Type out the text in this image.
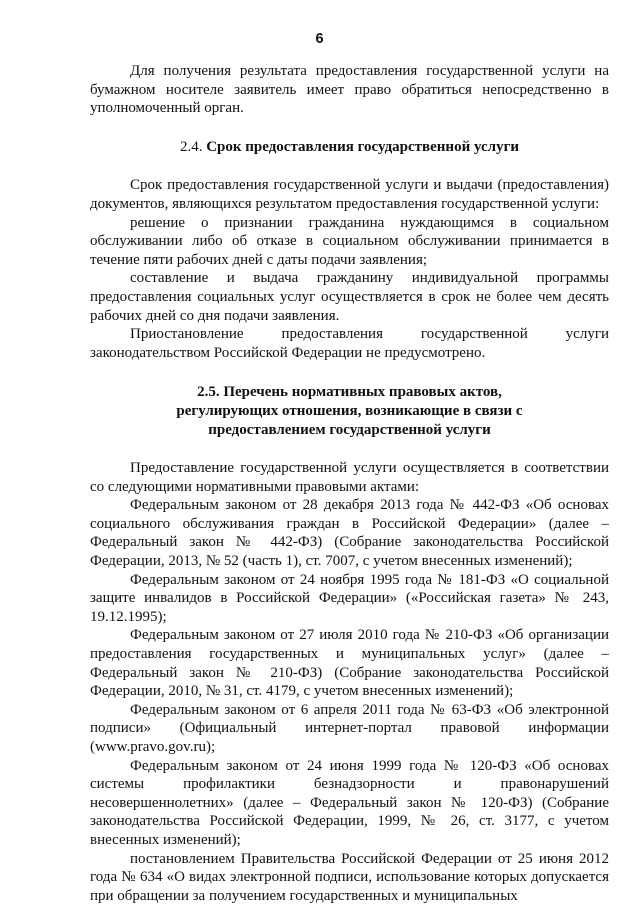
6

Для получения результата предоставления государственной услуги на бумажном носителе заявитель имеет право обратиться непосредственно в уполномоченный орган.

2.4. Срок предоставления государственной услуги

Срок предоставления государственной услуги и выдачи (предоставления) документов, являющихся результатом предоставления государственной услуги:

решение о признании гражданина нуждающимся в социальном обслуживании либо об отказе в социальном обслуживании принимается в течение пяти рабочих дней с даты подачи заявления;

составление и выдача гражданину индивидуальной программы предоставления социальных услуг осуществляется в срок не более чем десять рабочих дней со дня подачи заявления.

Приостановление предоставления государственной услуги законодательством Российской Федерации не предусмотрено.

2.5. Перечень нормативных правовых актов,

регулирующих отношения, возникающие в связи с

предоставлением государственной услуги

Предоставление государственной услуги осуществляется в соответствии со следующими нормативными правовыми актами:

Федеральным законом от 28 декабря 2013 года № 442-ФЗ «Об основах социального обслуживания граждан в Российской Федерации» (далее – Федеральный закон № 442-ФЗ) (Собрание законодательства Российской Федерации, 2013, № 52 (часть 1), ст. 7007, с учетом внесенных изменений);

Федеральным законом от 24 ноября 1995 года № 181-ФЗ «О социальной защите инвалидов в Российской Федерации» («Российская газета» № 243, 19.12.1995);

Федеральным законом от 27 июля 2010 года № 210-ФЗ «Об организации предоставления государственных и муниципальных услуг» (далее – Федеральный закон № 210-ФЗ) (Собрание законодательства Российской Федерации, 2010, № 31, ст. 4179, с учетом внесенных изменений);

Федеральным законом от 6 апреля 2011 года № 63-ФЗ «Об электронной подписи» (Официальный интернет-портал правовой информации (www.pravo.gov.ru);

Федеральным законом от 24 июня 1999 года № 120-ФЗ «Об основах системы профилактики безнадзорности и правонарушений несовершеннолетних» (далее – Федеральный закон № 120-ФЗ) (Собрание законодательства Российской Федерации, 1999, № 26, ст. 3177, с учетом внесенных изменений);

постановлением Правительства Российской Федерации от 25 июня 2012 года № 634 «О видах электронной подписи, использование которых допускается при обращении за получением государственных и муниципальных
